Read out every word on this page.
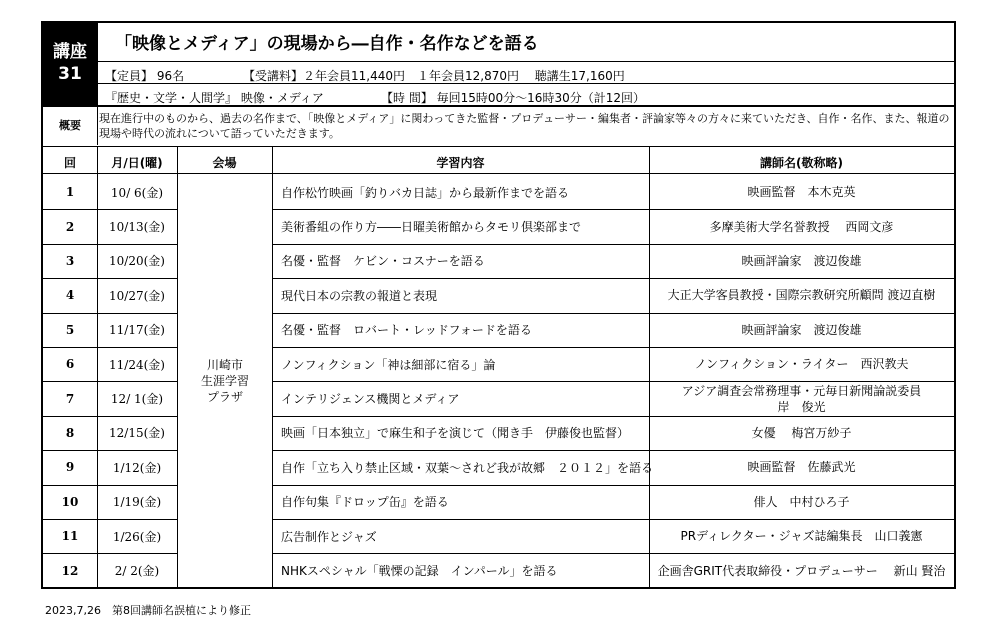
講座
31
「映像とメディア」の現場から―自作・名作などを語る
【定員】 96名	【受講料】２年会員11,440円　１年会員12,870円　 聴講生17,160円
『歴史・文学・人間学』 映像・メディア	【時 間】 毎回15時00分～16時30分（計12回）
概要
現在進行中のものから、過去の名作まで、「映像とメディア」に関わってきた監督・プロデューサー・編集者・評論家等々の方々に来ていただき、自作・名作、また、報道の現場や時代の流れについて語っていただきます。
回	月/日(曜)	会場	学習内容	講師名(敬称略)
1	10/ 6(金)	自作松竹映画「釣りバカ日誌」から最新作までを語る	映画監督　本木克英
2	10/13(金)	美術番組の作り方――日曜美術館からタモリ倶楽部まで	多摩美術大学名誉教授　 西岡文彦
3	10/20(金)	名優・監督　ケビン・コスナーを語る	映画評論家　渡辺俊雄
4	10/27(金)	現代日本の宗教の報道と表現	大正大学客員教授・国際宗教研究所顧問 渡辺直樹
5	11/17(金)	名優・監督　ロバート・レッドフォードを語る	映画評論家　渡辺俊雄
6	11/24(金)	ノンフィクション「神は細部に宿る」論	ノンフィクション・ライター　西沢教夫
7	12/ 1(金)	インテリジェンス機関とメディア
アジア調査会常務理事・元毎日新聞論説委員
岸　俊光
8	12/15(金)	映画「日本独立」で麻生和子を演じて（聞き手　伊藤俊也監督）	女優　 梅宮万紗子
9	1/12(金)	自作「立ち入り禁止区域・双葉～されど我が故郷　２０１２」を語る	映画監督　佐藤武光
10	1/19(金)	自作句集『ドロップ缶』を語る	俳人　中村ひろ子
11	1/26(金)	広告制作とジャズ	PRディレクター・ジャズ誌編集長　山口義憲
12	2/ 2(金)	NHKスペシャル「戦慄の記録　インパール」を語る	企画舎GRIT代表取締役・プロデューサー　 新山 賢治
川崎市
生涯学習
プラザ
2023,7,26　第8回講師名誤植により修正
